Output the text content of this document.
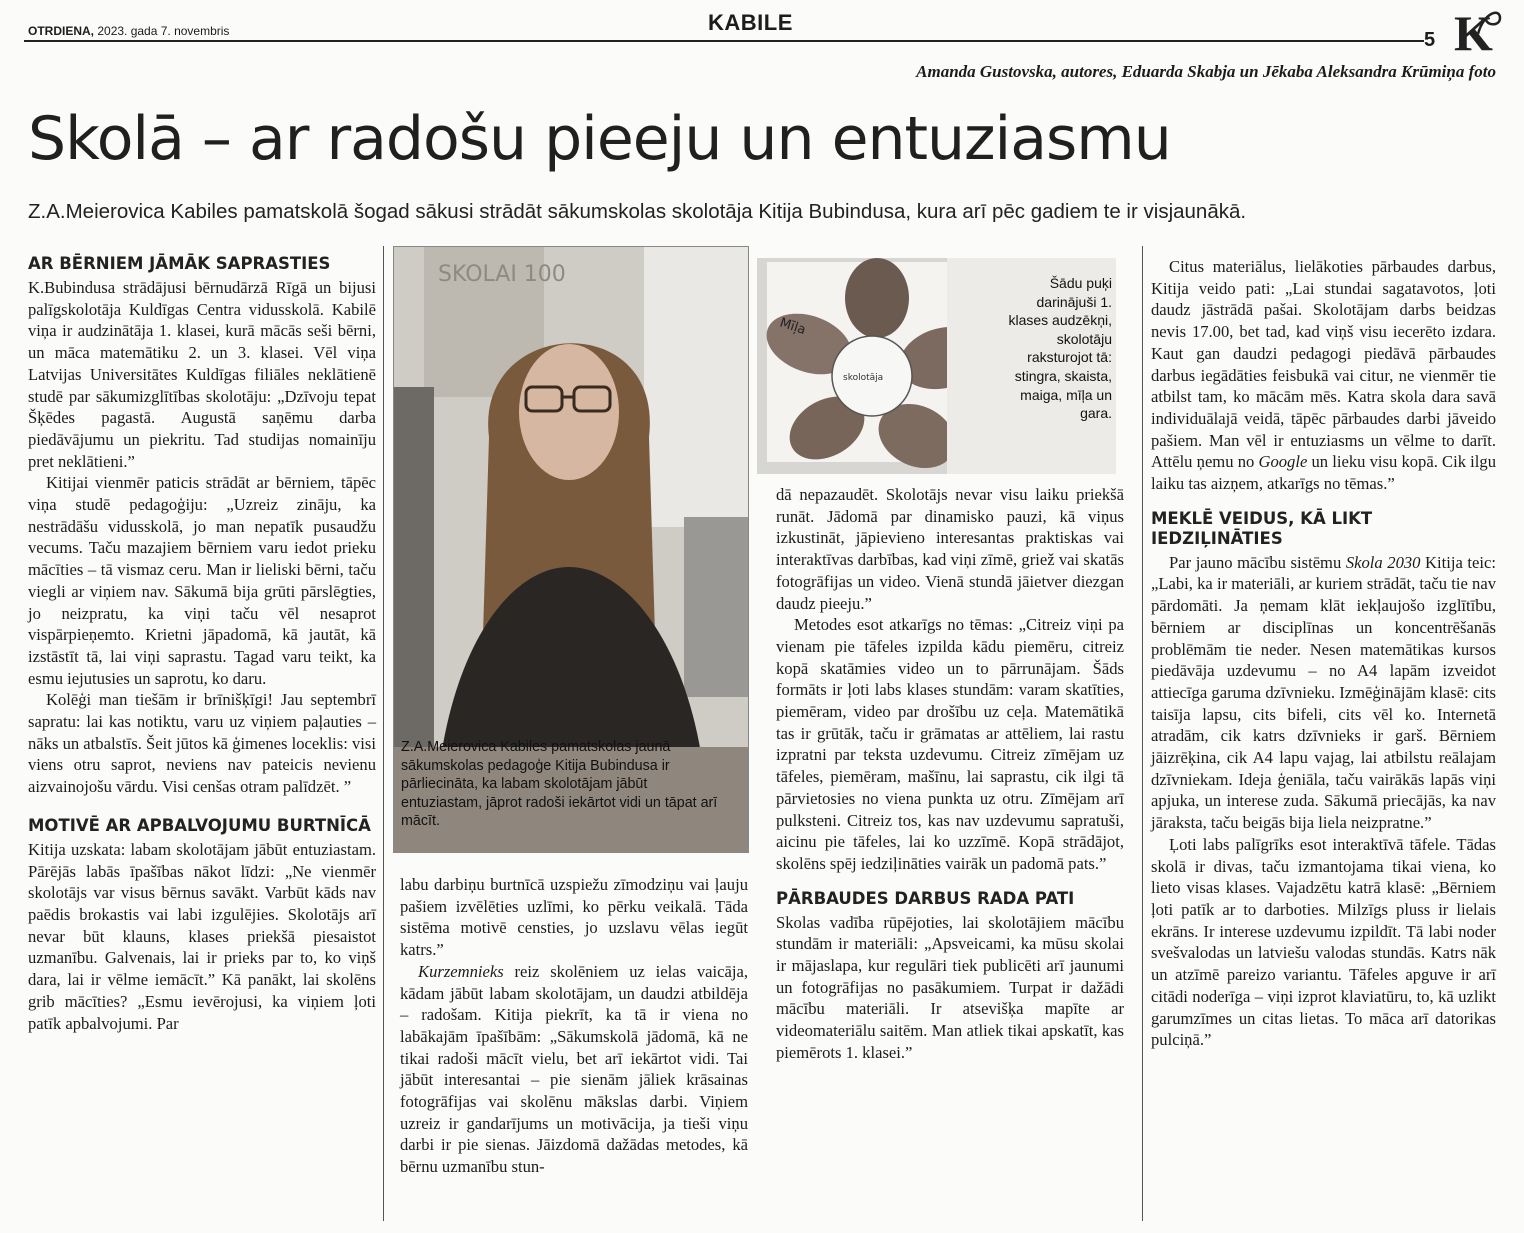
OTRDIENA, 2023. gada 7. novembris	KABILE
5 K
Amanda Gustovska, autores, Eduarda Skabja un Jēkaba Aleksandra Krūmiņa foto
Skolā – ar radošu pieeju un entuziasmu
Z.A.Meierovica Kabiles pamatskolā šogad sākusi strādāt sākumskolas skolotāja Kitija Bubindusa, kura arī pēc gadiem te ir visjaunākā.
SKOLAI 100
Z.A.Meierovica Kabiles pamatskolas jaunā sākumskolas pedagoģe Kitija Bubindusa ir pārliecināta, ka labam skolotājam jābūt entuziastam, jāprot radoši iekārtot vidi un tāpat arī mācīt.
skolotāja
Mīļa
Šādu puķi darinājuši 1. klases audzēkņi, skolotāju raksturojot tā: stingra, skaista, maiga, mīļa un gara.
AR BĒRNIEM JĀMĀK SAPRASTIES

K.Bubindusa strādājusi bērnudārzā Rīgā un bijusi palīgskolotāja Kuldīgas Centra vidusskolā. Kabilē viņa ir audzinātāja 1. klasei, kurā mācās seši bērni, un māca matemātiku 2. un 3. klasei. Vēl viņa Latvijas Universitātes Kuldīgas filiāles neklātienē studē par sākumizglītības skolotāju: „Dzīvoju tepat Šķēdes pagastā. Augustā saņēmu darba piedāvājumu un piekritu. Tad studijas nomainīju pret neklātieni.”

Kitijai vienmēr paticis strādāt ar bērniem, tāpēc viņa studē pedagoģiju: „Uzreiz zināju, ka nestrādāšu vidusskolā, jo man nepatīk pusaudžu vecums. Taču mazajiem bērniem varu iedot prieku mācīties – tā vismaz ceru. Man ir lieliski bērni, taču viegli ar viņiem nav. Sākumā bija grūti pārslēgties, jo neizpratu, ka viņi taču vēl nesaprot vispārpieņemto. Krietni jāpadomā, kā jautāt, kā izstāstīt tā, lai viņi saprastu. Tagad varu teikt, ka esmu iejutusies un saprotu, ko daru.

Kolēģi man tiešām ir brīnišķīgi! Jau septembrī sapratu: lai kas notiktu, varu uz viņiem paļauties – nāks un atbalstīs. Šeit jūtos kā ģimenes loceklis: visi viens otru saprot, neviens nav pateicis nevienu aizvainojošu vārdu. Visi cenšas otram palīdzēt. ”

MOTIVĒ AR APBALVOJUMU BURTNĪCĀ

Kitija uzskata: labam skolotājam jābūt entuziastam. Pārējās labās īpašības nākot līdzi: „Ne vienmēr skolotājs var visus bērnus savākt. Varbūt kāds nav paēdis brokastis vai labi izgulējies. Skolotājs arī nevar būt klauns, klases priekšā piesaistot uzmanību. Galvenais, lai ir prieks par to, ko viņš dara, lai ir vēlme iemācīt.” Kā panākt, lai skolēns grib mācīties? „Esmu ievērojusi, ka viņiem ļoti patīk apbalvojumi. Par

labu darbiņu burtnīcā uzspiežu zīmodziņu vai ļauju pašiem izvēlēties uzlīmi, ko pērku veikalā. Tāda sistēma motivē censties, jo uzslavu vēlas iegūt katrs.”

Kurzemnieks reiz skolēniem uz ielas vaicāja, kādam jābūt labam skolotājam, un daudzi atbildēja – radošam. Kitija piekrīt, ka tā ir viena no labākajām īpašībām: „Sākumskolā jādomā, kā ne tikai radoši mācīt vielu, bet arī iekārtot vidi. Tai jābūt interesantai – pie sienām jāliek krāsainas fotogrāfijas vai skolēnu mākslas darbi. Viņiem uzreiz ir gandarījums un motivācija, ja tieši viņu darbi ir pie sienas. Jāizdomā dažādas metodes, kā bērnu uzmanību stun-

dā nepazaudēt. Skolotājs nevar visu laiku priekšā runāt. Jādomā par dinamisko pauzi, kā viņus izkustināt, jāpievieno interesantas praktiskas vai interaktīvas darbības, kad viņi zīmē, griež vai skatās fotogrāfijas un video. Vienā stundā jāietver diezgan daudz pieeju.”

Metodes esot atkarīgs no tēmas: „Citreiz viņi pa vienam pie tāfeles izpilda kādu piemēru, citreiz kopā skatāmies video un to pārrunājam. Šāds formāts ir ļoti labs klases stundām: varam skatīties, piemēram, video par drošību uz ceļa. Matemātikā tas ir grūtāk, taču ir grāmatas ar attēliem, lai rastu izpratni par teksta uzdevumu. Citreiz zīmējam uz tāfeles, piemēram, mašīnu, lai saprastu, cik ilgi tā pārvietosies no viena punkta uz otru. Zīmējam arī pulksteni. Citreiz tos, kas nav uzdevumu sapratuši, aicinu pie tāfeles, lai ko uzzīmē. Kopā strādājot, skolēns spēj iedziļināties vairāk un padomā pats.”

PĀRBAUDES DARBUS RADA PATI

Skolas vadība rūpējoties, lai skolotājiem mācību stundām ir materiāli: „Apsveicami, ka mūsu skolai ir mājaslapa, kur regulāri tiek publicēti arī jaunumi un fotogrāfijas no pasākumiem. Turpat ir dažādi mācību materiāli. Ir atsevišķa mapīte ar videomateriālu saitēm. Man atliek tikai apskatīt, kas piemērots 1. klasei.”

Citus materiālus, lielākoties pārbaudes darbus, Kitija veido pati: „Lai stundai sagatavotos, ļoti daudz jāstrādā pašai. Skolotājam darbs beidzas nevis 17.00, bet tad, kad viņš visu iecerēto izdara. Kaut gan daudzi pedagogi piedāvā pārbaudes darbus iegādāties feisbukā vai citur, ne vienmēr tie atbilst tam, ko mācām mēs. Katra skola dara savā individuālajā veidā, tāpēc pārbaudes darbi jāveido pašiem. Man vēl ir entuziasms un vēlme to darīt. Attēlu ņemu no Google un lieku visu kopā. Cik ilgu laiku tas aizņem, atkarīgs no tēmas.”

MEKLĒ VEIDUS, KĀ LIKT IEDZIĻINĀTIES

Par jauno mācību sistēmu Skola 2030 Kitija teic: „Labi, ka ir materiāli, ar kuriem strādāt, taču tie nav pārdomāti. Ja ņemam klāt iekļaujošo izglītību, bērniem ar disciplīnas un koncentrēšanās problēmām tie neder. Nesen matemātikas kursos piedāvāja uzdevumu – no A4 lapām izveidot attiecīga garuma dzīvnieku. Izmēģinājām klasē: cits taisīja lapsu, cits bifeli, cits vēl ko. Internetā atradām, cik katrs dzīvnieks ir garš. Bērniem jāizrēķina, cik A4 lapu vajag, lai atbilstu reālajam dzīvniekam. Ideja ģeniāla, taču vairākās lapās viņi apjuka, un interese zuda. Sākumā priecājās, ka nav jāraksta, taču beigās bija liela neizpratne.”

Ļoti labs palīgrīks esot interaktīvā tāfele. Tādas skolā ir divas, taču izmantojama tikai viena, ko lieto visas klases. Vajadzētu katrā klasē: „Bērniem ļoti patīk ar to darboties. Milzīgs pluss ir lielais ekrāns. Ir interese uzdevumu izpildīt. Tā labi noder svešvalodas un latviešu valodas stundās. Katrs nāk un atzīmē pareizo variantu. Tāfeles apguve ir arī citādi noderīga – viņi izprot klaviatūru, to, kā uzlikt garumzīmes un citas lietas. To māca arī datorikas pulciņā.”
